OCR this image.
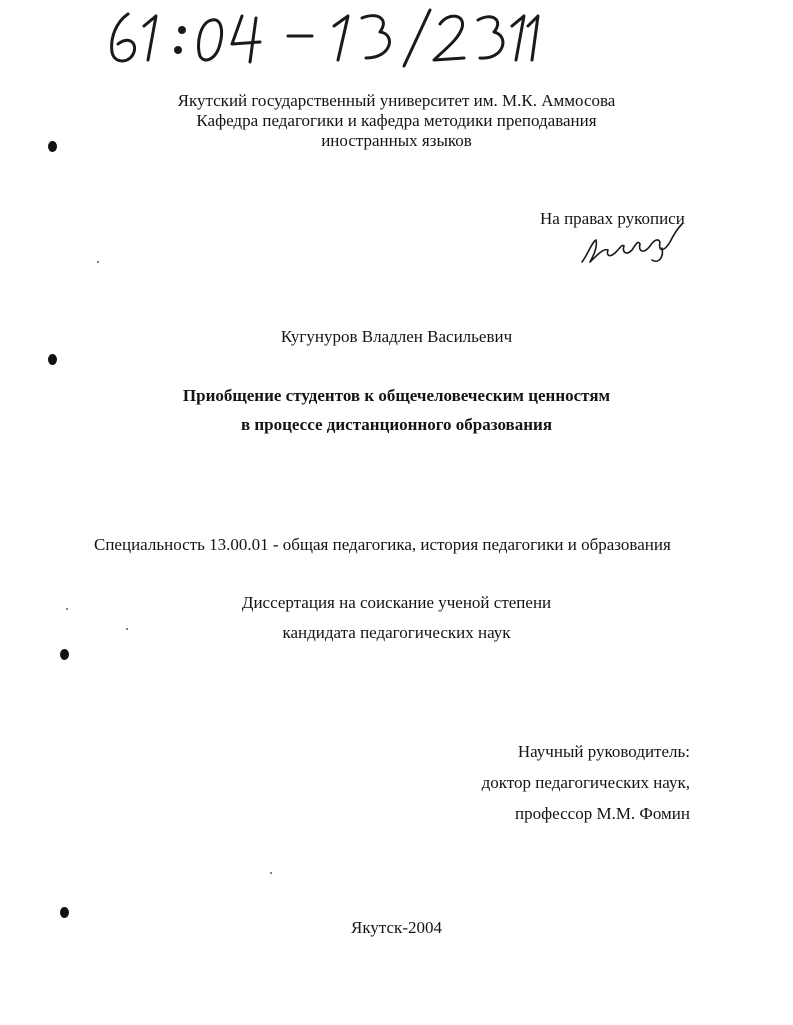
Якутский государственный университет им. М.К. Аммосова
Кафедра педагогики и кафедра методики преподавания
иностранных языков
На правах рукописи
Кугунуров Владлен Васильевич
Приобщение студентов к общечеловеческим ценностям
в процессе дистанционного образования
Специальность 13.00.01 - общая педагогика, история педагогики и образования
Диссертация на соискание ученой степени
кандидата педагогических наук
Научный руководитель:
доктор педагогических наук,
профессор М.М. Фомин
Якутск-2004
